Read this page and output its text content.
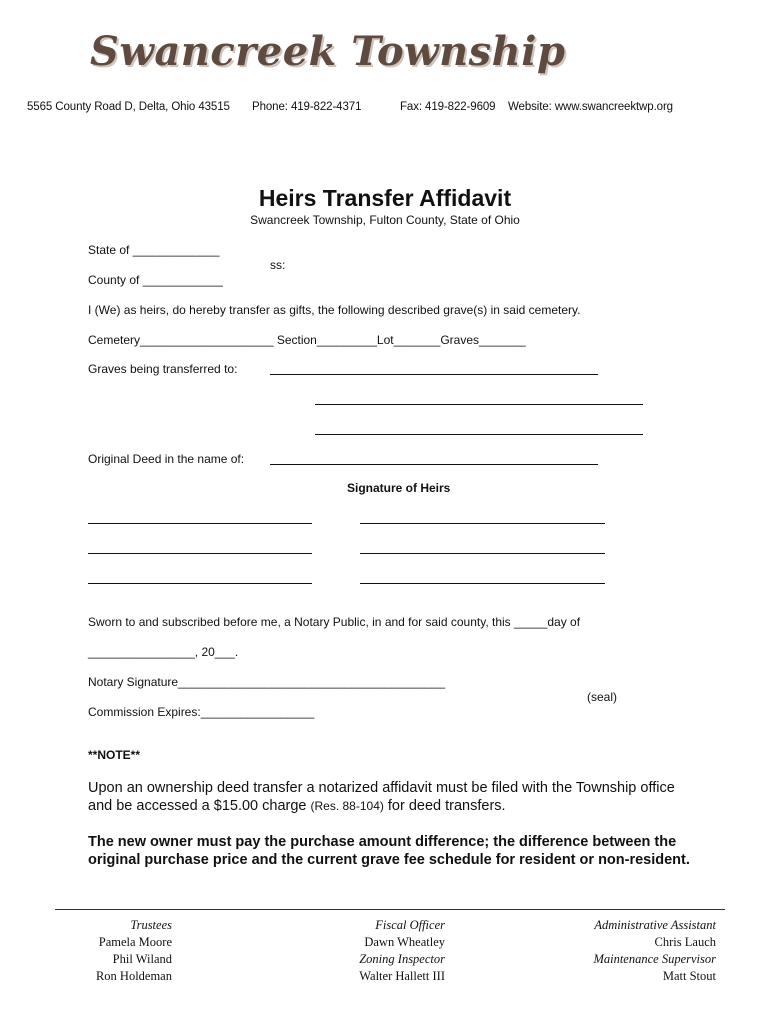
Swancreek Township
5565 County Road D, Delta, Ohio 43515 Phone: 419-822-4371	Fax: 419-822-9609 Website: www.swancreektwp.org
Heirs Transfer Affidavit
Swancreek Township, Fulton County, State of Ohio
State of _____________
ss:
County of ____________
I (We) as heirs, do hereby transfer as gifts, the following described grave(s) in said cemetery.
Cemetery____________________ Section_________Lot_______Graves_______
Graves being transferred to:
Original Deed in the name of:
Signature of Heirs
Sworn to and subscribed before me, a Notary Public, in and for said county, this _____day of
________________, 20___.
Notary Signature________________________________________
(seal)
Commission Expires:_________________
**NOTE**
Upon an ownership deed transfer a notarized affidavit must be filed with the Township office
and be accessed a $15.00 charge (Res. 88-104) for deed transfers.
The new owner must pay the purchase amount difference; the difference between the
original purchase price and the current grave fee schedule for resident or non-resident.
Trustees
Pamela Moore
Phil Wiland
Ron Holdeman
Fiscal Officer
Dawn Wheatley
Zoning Inspector
Walter Hallett III
Administrative Assistant
Chris Lauch
Maintenance Supervisor
Matt Stout
